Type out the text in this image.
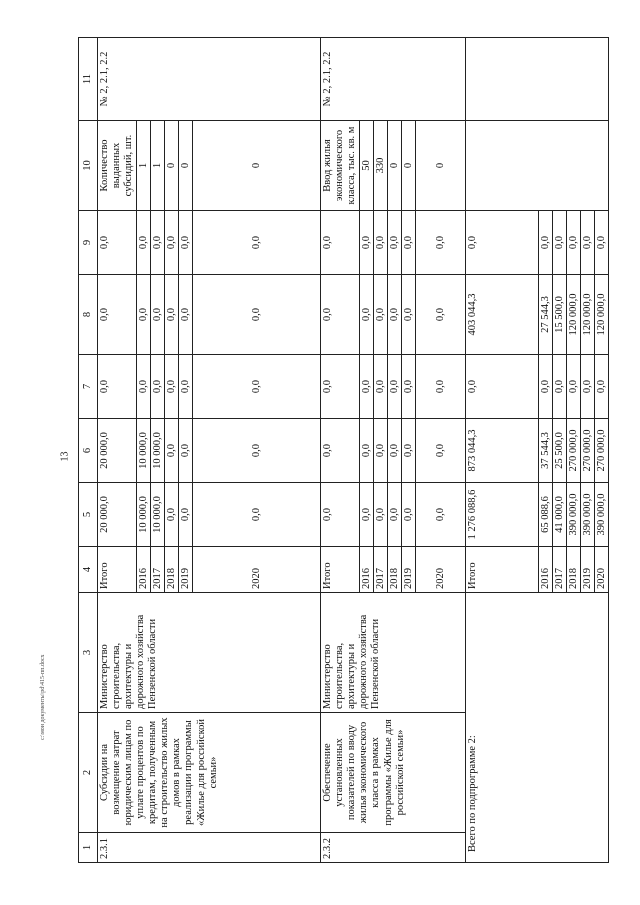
13
c:\мои документы\pd\415-пп.docx
1	2	3	4	5	6	7	8	9	10	11
2.3.1	Субсидии на возмещение затрат юридическим лицам по уплате процентов по кредитам, полученным на строительство жилых домов в рамках реализации программы «Жилье для российской семьи»	Министерство строительства, архитектуры и дорожного хозяйства Пензенской области	Итого	20 000,0	20 000,0	0,0	0,0	0,0	Количество выданных субсидий, шт.	№ 2, 2.1, 2.2
			2016	10 000,0	10 000,0	0,0	0,0	0,0	1	
			2017	10 000,0	10 000,0	0,0	0,0	0,0	1	
			2018	0,0	0,0	0,0	0,0	0,0	0	
			2019	0,0	0,0	0,0	0,0	0,0	0	
			2020	0,0	0,0	0,0	0,0	0,0	0	
2.3.2	Обеспечение установленных показателей по вводу жилья экономического класса в рамках программы «Жилье для российской семьи»	Министерство строительства, архитектуры и дорожного хозяйства Пензенской области	Итого	0,0	0,0	0,0	0,0	0,0	Ввод жилья экономического класса, тыс. кв. м	№ 2, 2.1, 2.2
			2016	0,0	0,0	0,0	0,0	0,0	50	
			2017	0,0	0,0	0,0	0,0	0,0	330	
			2018	0,0	0,0	0,0	0,0	0,0	0	
			2019	0,0	0,0	0,0	0,0	0,0	0	
			2020	0,0	0,0	0,0	0,0	0,0	0	
Всего по подпрограмме 2:			Итого	1 276 088,6	873 044,3	0,0	403 044,3	0,0		
			2016	65 088,6	37 544,3	0,0	27 544,3	0,0		
			2017	41 000,0	25 500,0	0,0	15 500,0	0,0		
			2018	390 000,0	270 000,0	0,0	120 000,0	0,0		
			2019	390 000,0	270 000,0	0,0	120 000,0	0,0		
			2020	390 000,0	270 000,0	0,0	120 000,0	0,0		
